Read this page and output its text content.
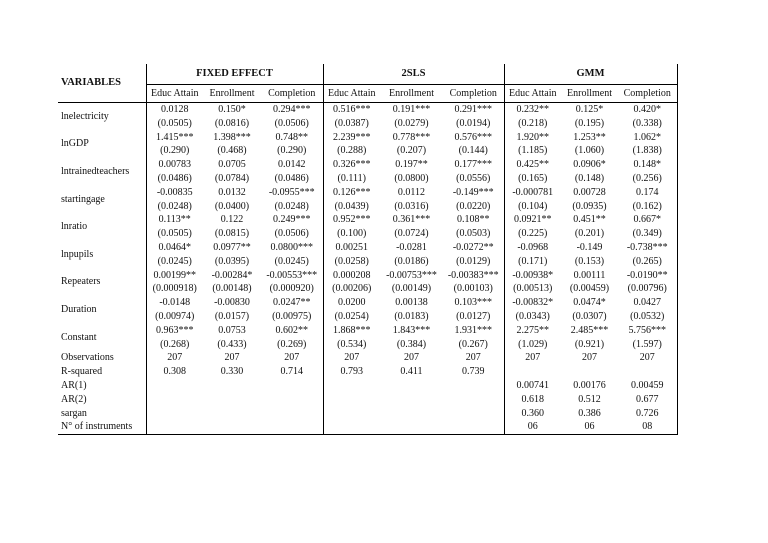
VARIABLES	FIXED EFFECT			2SLS			GMM		
	Educ Attain	Enrollment	Completion	Educ Attain	Enrollment	Completion	Educ Attain	Enrollment	Completion
lnelectricity	0.0128	0.150*	0.294***	0.516***	0.191***	0.291***	0.232**	0.125*	0.420*
	(0.0505)	(0.0816)	(0.0506)	(0.0387)	(0.0279)	(0.0194)	(0.218)	(0.195)	(0.338)
lnGDP	1.415***	1.398***	0.748**	2.239***	0.778***	0.576***	1.920**	1.253**	1.062*
	(0.290)	(0.468)	(0.290)	(0.288)	(0.207)	(0.144)	(1.185)	(1.060)	(1.838)
lntrainedteachers	0.00783	0.0705	0.0142	0.326***	0.197**	0.177***	0.425**	0.0906*	0.148*
	(0.0486)	(0.0784)	(0.0486)	(0.111)	(0.0800)	(0.0556)	(0.165)	(0.148)	(0.256)
startingage	-0.00835	0.0132	-0.0955***	0.126***	0.0112	-0.149***	-0.000781	0.00728	0.174
	(0.0248)	(0.0400)	(0.0248)	(0.0439)	(0.0316)	(0.0220)	(0.104)	(0.0935)	(0.162)
lnratio	0.113**	0.122	0.249***	0.952***	0.361***	0.108**	0.0921**	0.451**	0.667*
	(0.0505)	(0.0815)	(0.0506)	(0.100)	(0.0724)	(0.0503)	(0.225)	(0.201)	(0.349)
lnpupils	0.0464*	0.0977**	0.0800***	0.00251	-0.0281	-0.0272**	-0.0968	-0.149	-0.738***
	(0.0245)	(0.0395)	(0.0245)	(0.0258)	(0.0186)	(0.0129)	(0.171)	(0.153)	(0.265)
Repeaters	0.00199**	-0.00284*	-0.00553***	0.000208	-0.00753***	-0.00383***	-0.00938*	0.00111	-0.0190**
	(0.000918)	(0.00148)	(0.000920)	(0.00206)	(0.00149)	(0.00103)	(0.00513)	(0.00459)	(0.00796)
Duration	-0.0148	-0.00830	0.0247**	0.0200	0.00138	0.103***	-0.00832*	0.0474*	0.0427
	(0.00974)	(0.0157)	(0.00975)	(0.0254)	(0.0183)	(0.0127)	(0.0343)	(0.0307)	(0.0532)
Constant	0.963***	0.0753	0.602**	1.868***	1.843***	1.931***	2.275**	2.485***	5.756***
	(0.268)	(0.433)	(0.269)	(0.534)	(0.384)	(0.267)	(1.029)	(0.921)	(1.597)
Observations	207	207	207	207	207	207	207	207	207
R-squared	0.308	0.330	0.714	0.793	0.411	0.739			
AR(1)							0.00741	0.00176	0.00459
AR(2)							0.618	0.512	0.677
sargan							0.360	0.386	0.726
N° of instruments							06	06	08
